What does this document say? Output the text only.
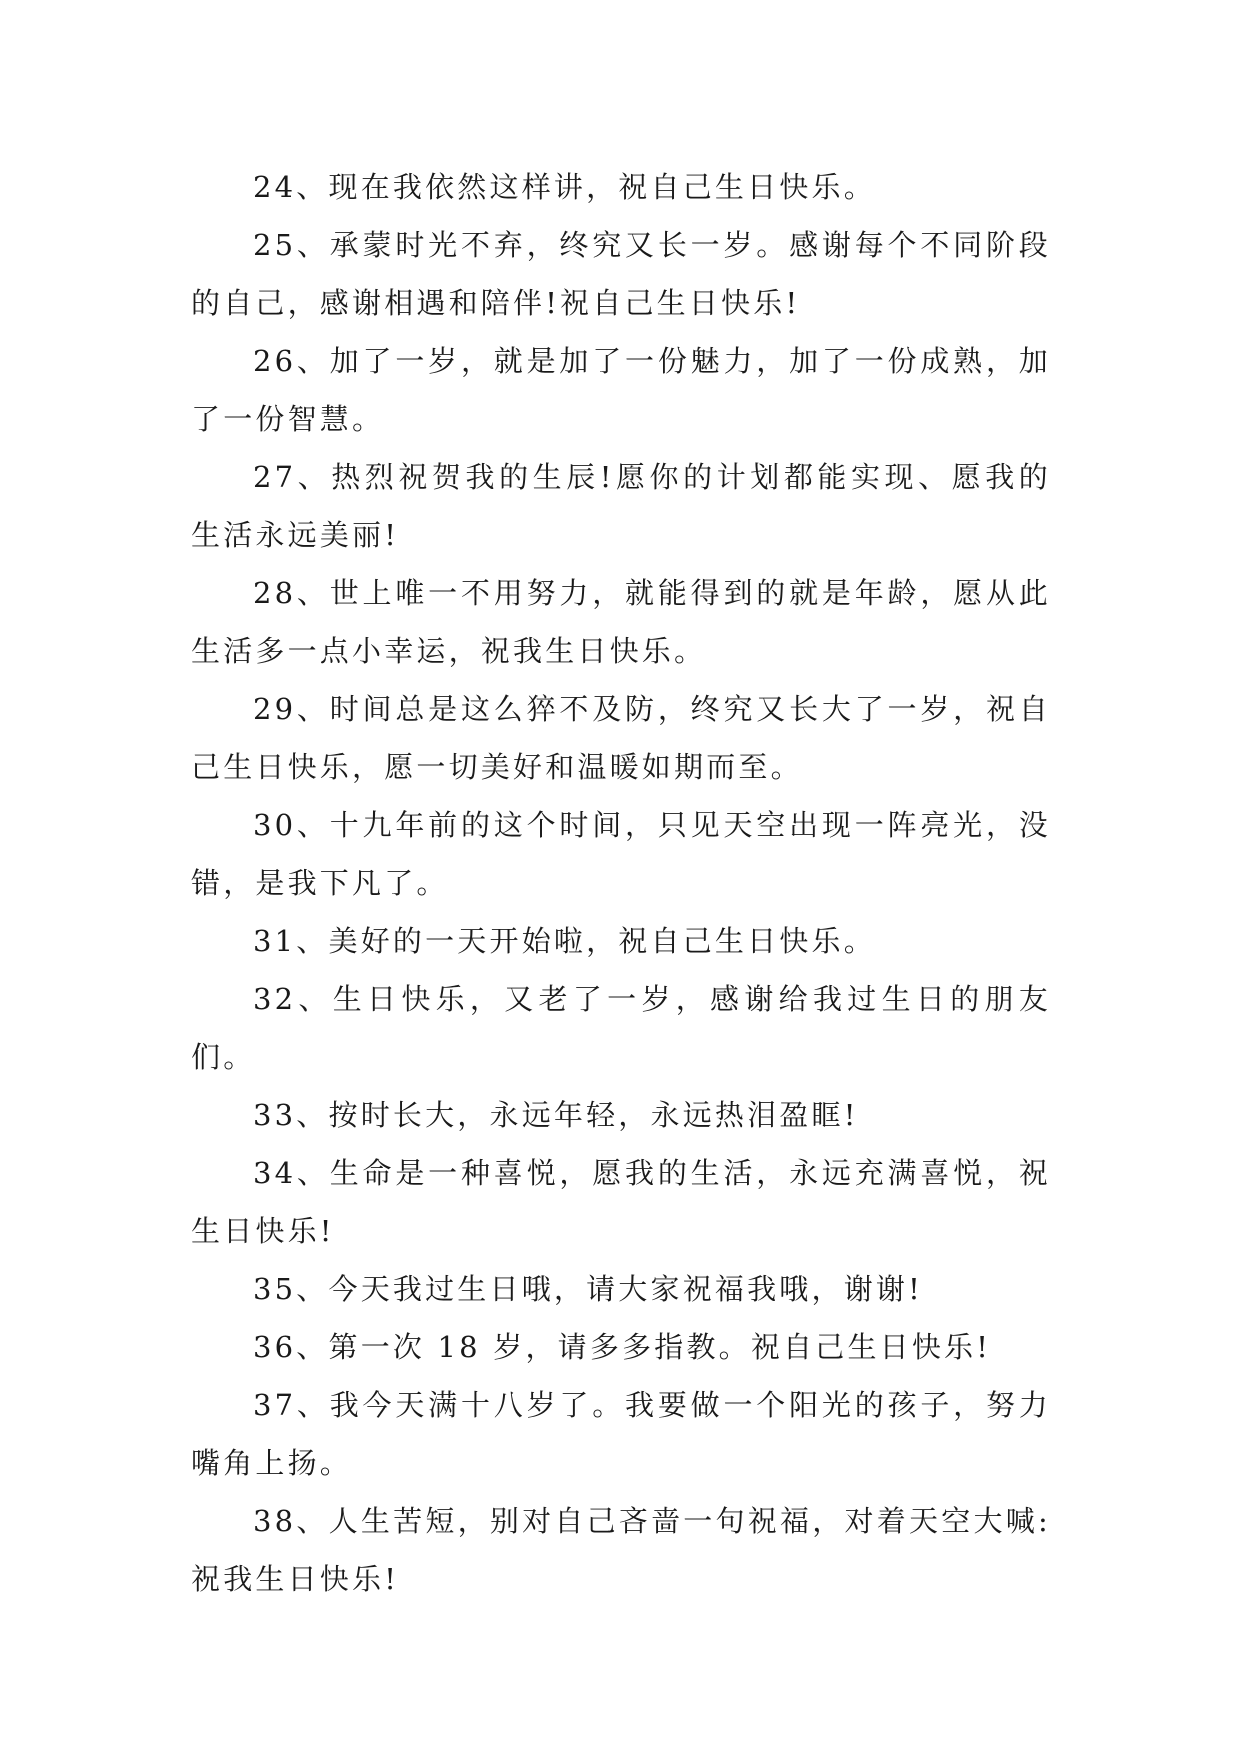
24、现在我依然这样讲，祝自己生日快乐。

25、承蒙时光不弃，终究又长一岁。感谢每个不同阶段的自己，感谢相遇和陪伴!祝自己生日快乐!

26、加了一岁，就是加了一份魅力，加了一份成熟，加了一份智慧。

27、热烈祝贺我的生辰!愿你的计划都能实现、愿我的生活永远美丽!

28、世上唯一不用努力，就能得到的就是年龄，愿从此生活多一点小幸运，祝我生日快乐。

29、时间总是这么猝不及防，终究又长大了一岁，祝自己生日快乐，愿一切美好和温暖如期而至。

30、十九年前的这个时间，只见天空出现一阵亮光，没错，是我下凡了。

31、美好的一天开始啦，祝自己生日快乐。

32、生日快乐，又老了一岁，感谢给我过生日的朋友们。

33、按时长大，永远年轻，永远热泪盈眶!

34、生命是一种喜悦，愿我的生活，永远充满喜悦，祝生日快乐!

35、今天我过生日哦，请大家祝福我哦，谢谢!

36、第一次 18 岁，请多多指教。祝自己生日快乐!

37、我今天满十八岁了。我要做一个阳光的孩子，努力嘴角上扬。

38、人生苦短，别对自己吝啬一句祝福，对着天空大喊:祝我生日快乐!
